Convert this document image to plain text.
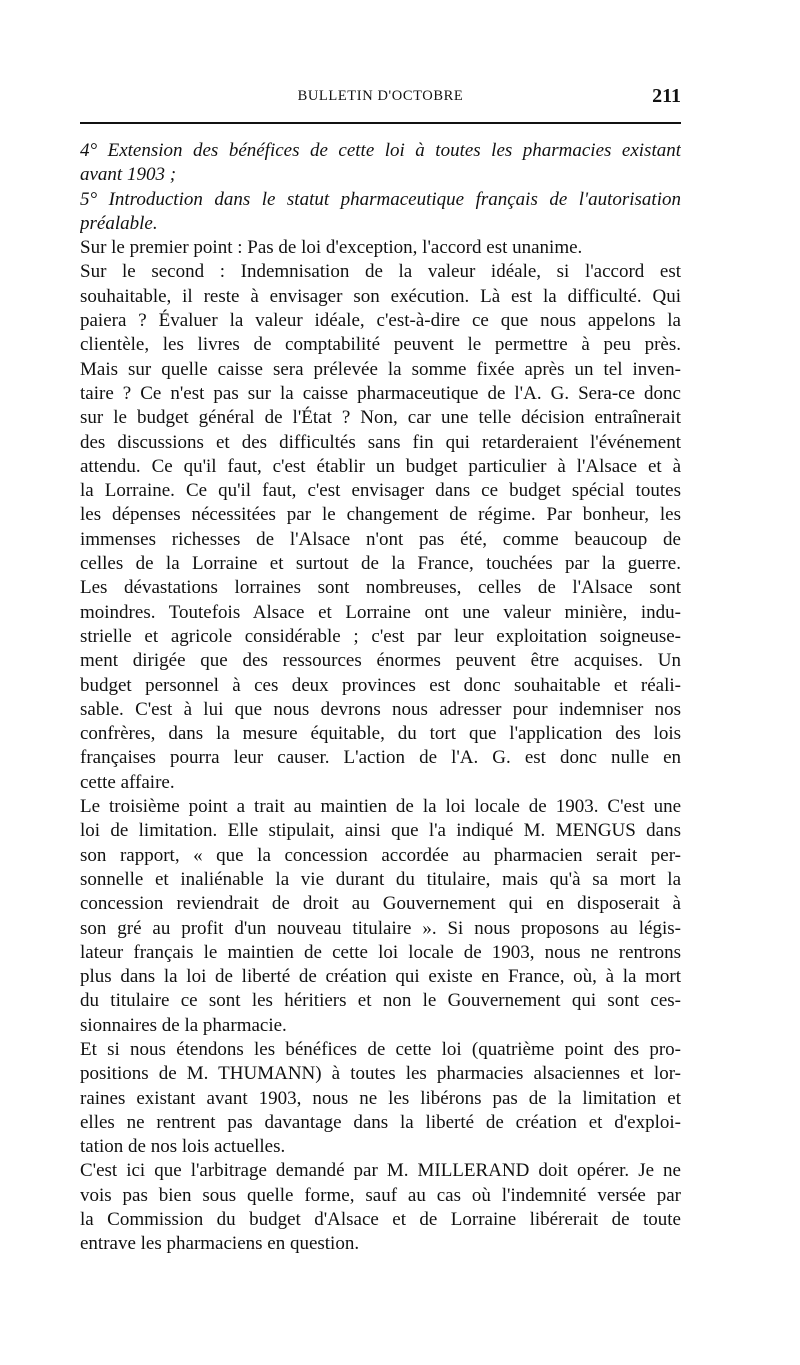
BULLETIN D'OCTOBRE	211
4° Extension des bénéfices de cette loi à toutes les pharmacies existant
avant 1903 ;
5° Introduction dans le statut pharmaceutique français de l'autorisation
préalable.
Sur le premier point : Pas de loi d'exception, l'accord est unanime.
Sur le second : Indemnisation de la valeur idéale, si l'accord est
souhaitable, il reste à envisager son exécution. Là est la difficulté. Qui
paiera ? Évaluer la valeur idéale, c'est-à-dire ce que nous appelons la
clientèle, les livres de comptabilité peuvent le permettre à peu près.
Mais sur quelle caisse sera prélevée la somme fixée après un tel inven-
taire ? Ce n'est pas sur la caisse pharmaceutique de l'A. G. Sera-ce donc
sur le budget général de l'État ? Non, car une telle décision entraînerait
des discussions et des difficultés sans fin qui retarderaient l'événement
attendu. Ce qu'il faut, c'est établir un budget particulier à l'Alsace et à
la Lorraine. Ce qu'il faut, c'est envisager dans ce budget spécial toutes
les dépenses nécessitées par le changement de régime. Par bonheur, les
immenses richesses de l'Alsace n'ont pas été, comme beaucoup de
celles de la Lorraine et surtout de la France, touchées par la guerre.
Les dévastations lorraines sont nombreuses, celles de l'Alsace sont
moindres. Toutefois Alsace et Lorraine ont une valeur minière, indu-
strielle et agricole considérable ; c'est par leur exploitation soigneuse-
ment dirigée que des ressources énormes peuvent être acquises. Un
budget personnel à ces deux provinces est donc souhaitable et réali-
sable. C'est à lui que nous devrons nous adresser pour indemniser nos
confrères, dans la mesure équitable, du tort que l'application des lois
françaises pourra leur causer. L'action de l'A. G. est donc nulle en
cette affaire.
Le troisième point a trait au maintien de la loi locale de 1903. C'est une
loi de limitation. Elle stipulait, ainsi que l'a indiqué M. MENGUS dans
son rapport, « que la concession accordée au pharmacien serait per-
sonnelle et inaliénable la vie durant du titulaire, mais qu'à sa mort la
concession reviendrait de droit au Gouvernement qui en disposerait à
son gré au profit d'un nouveau titulaire ». Si nous proposons au légis-
lateur français le maintien de cette loi locale de 1903, nous ne rentrons
plus dans la loi de liberté de création qui existe en France, où, à la mort
du titulaire ce sont les héritiers et non le Gouvernement qui sont ces-
sionnaires de la pharmacie.
Et si nous étendons les bénéfices de cette loi (quatrième point des pro-
positions de M. THUMANN) à toutes les pharmacies alsaciennes et lor-
raines existant avant 1903, nous ne les libérons pas de la limitation et
elles ne rentrent pas davantage dans la liberté de création et d'exploi-
tation de nos lois actuelles.
C'est ici que l'arbitrage demandé par M. MILLERAND doit opérer. Je ne
vois pas bien sous quelle forme, sauf au cas où l'indemnité versée par
la Commission du budget d'Alsace et de Lorraine libérerait de toute
entrave les pharmaciens en question.
